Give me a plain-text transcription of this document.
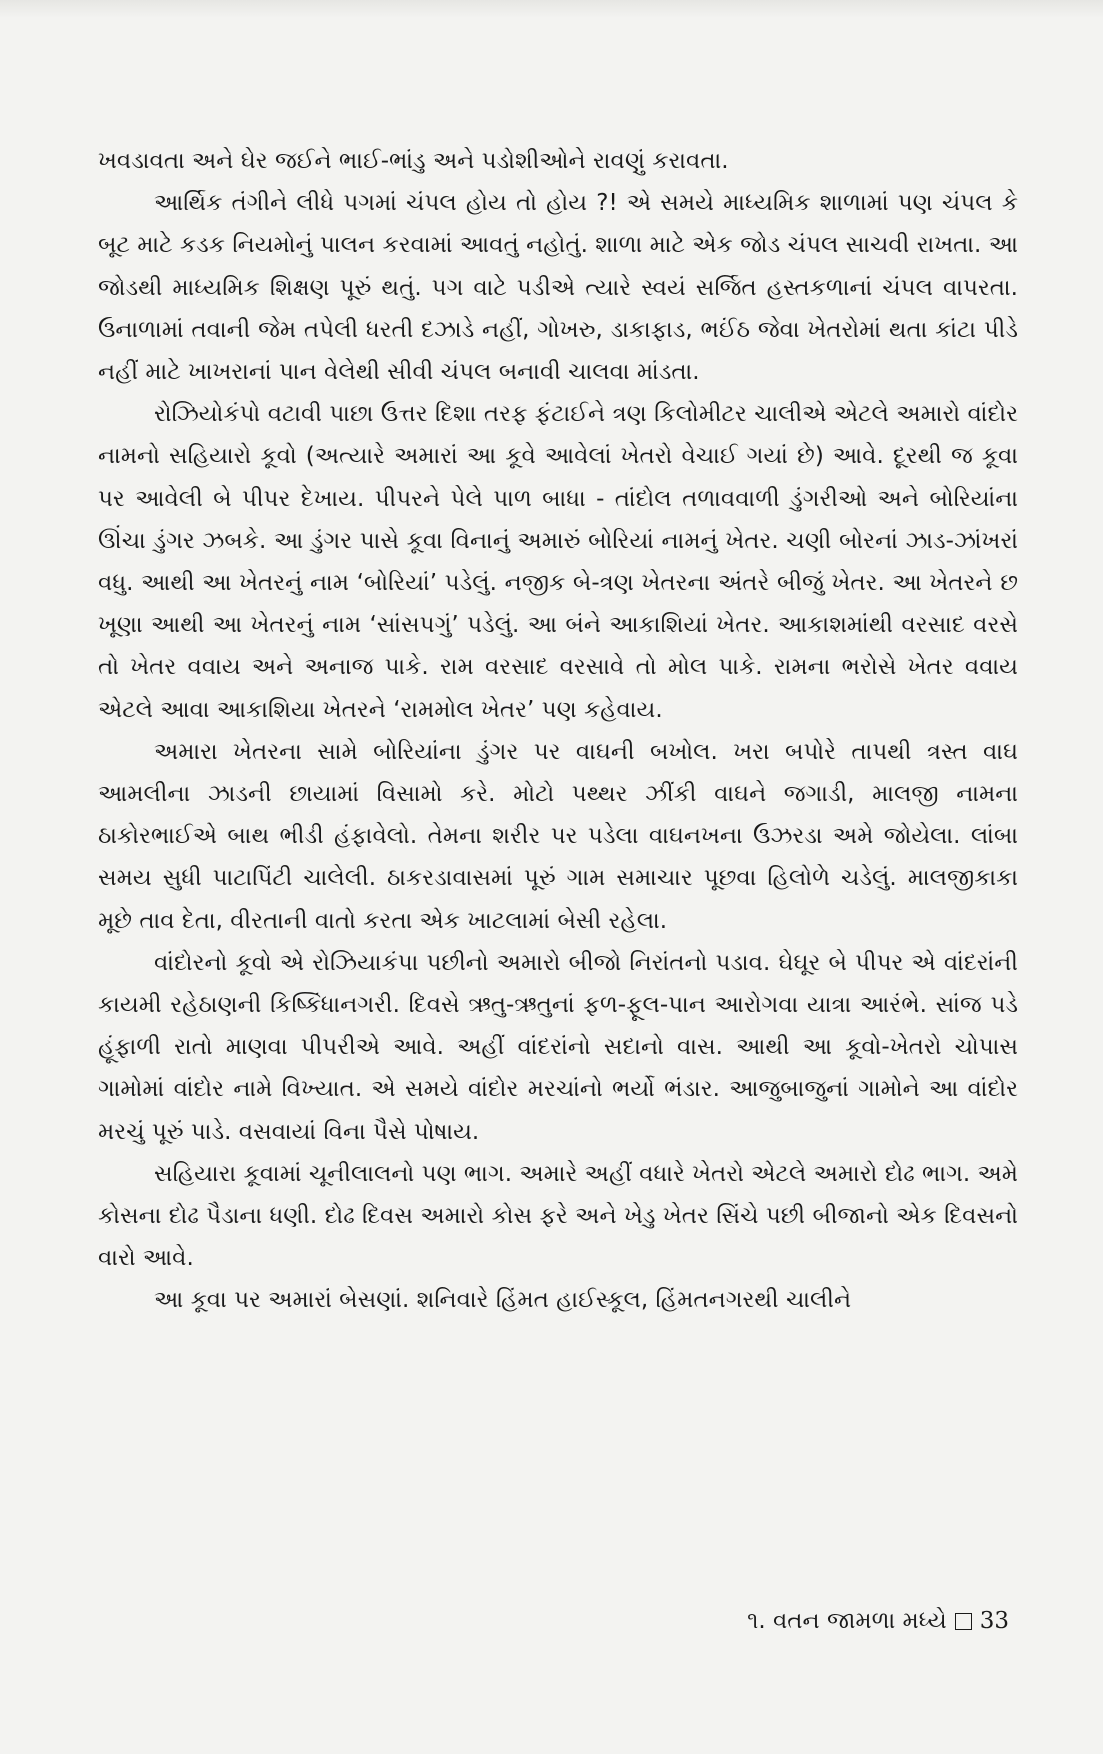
ખવડાવતા અને ઘેર જઈને ભાઈ-ભાંડુ અને પડોશીઓને રાવણું કરાવતા.

આર્થિક તંગીને લીધે પગમાં ચંપલ હોય તો હોય ?! એ સમયે માધ્યમિક શાળામાં પણ ચંપલ કે બૂટ માટે કડક નિયમોનું પાલન કરવામાં આવતું નહોતું. શાળા માટે એક જોડ ચંપલ સાચવી રાખતા. આ જોડથી માધ્યમિક શિક્ષણ પૂરું થતું. પગ વાટે પડીએ ત્યારે સ્વયં સર્જિત હસ્તકળાનાં ચંપલ વાપરતા. ઉનાળામાં તવાની જેમ તપેલી ધરતી દઝાડે નહીં, ગોખરુ, ડાકાફાડ, ભઈંઠ જેવા ખેતરોમાં થતા કાંટા પીડે નહીં માટે ખાખરાનાં પાન વેલેથી સીવી ચંપલ બનાવી ચાલવા માંડતા.

રોઝિયોકંપો વટાવી પાછા ઉત્તર દિશા તરફ ફંટાઈને ત્રણ કિલોમીટર ચાલીએ એટલે અમારો વાંદોર નામનો સહિયારો કૂવો (અત્યારે અમારાં આ કૂવે આવેલાં ખેતરો વેચાઈ ગયાં છે) આવે. દૂરથી જ કૂવા પર આવેલી બે પીપર દેખાય. પીપરને પેલે પાળ બાધા - તાંદોલ તળાવવાળી ડુંગરીઓ અને બોરિયાંના ઊંચા ડુંગર ઝબકે. આ ડુંગર પાસે કૂવા વિનાનું અમારું બોરિયાં નામનું ખેતર. ચણી બોરનાં ઝાડ-ઝાંખરાં વધુ. આથી આ ખેતરનું નામ ‘બોરિયાં’ પડેલું. નજીક બે-ત્રણ ખેતરના અંતરે બીજું ખેતર. આ ખેતરને છ ખૂણા આથી આ ખેતરનું નામ ‘સાંસપગું’ પડેલું. આ બંને આકાશિયાં ખેતર. આકાશમાંથી વરસાદ વરસે તો ખેતર વવાય અને અનાજ પાકે. રામ વરસાદ વરસાવે તો મોલ પાકે. રામના ભરોસે ખેતર વવાય એટલે આવા આકાશિયા ખેતરને ‘રામમોલ ખેતર’ પણ કહેવાય.

અમારા ખેતરના સામે બોરિયાંના ડુંગર પર વાઘની બખોલ. ખરા બપોરે તાપથી ત્રસ્ત વાઘ આમલીના ઝાડની છાયામાં વિસામો કરે. મોટો પથ્થર ઝીંકી વાઘને જગાડી, માલજી નામના ઠાકોરભાઈએ બાથ ભીડી હંફાવેલો. તેમના શરીર પર પડેલા વાઘનખના ઉઝરડા અમે જોયેલા. લાંબા સમય સુધી પાટાપિંટી ચાલેલી. ઠાકરડાવાસમાં પૂરું ગામ સમાચાર પૂછવા હિલોળે ચડેલું. માલજીકાકા મૂછે તાવ દેતા, વીરતાની વાતો કરતા એક ખાટલામાં બેસી રહેલા.

વાંદોરનો કૂવો એ રોઝિયાકંપા પછીનો અમારો બીજો નિરાંતનો પડાવ. ઘેઘૂર બે પીપર એ વાંદરાંની કાયમી રહેઠાણની કિષ્કિંધાનગરી. દિવસે ઋતુ-ઋતુનાં ફળ-ફૂલ-પાન આરોગવા યાત્રા આરંભે. સાંજ પડે હૂંફાળી રાતો માણવા પીપરીએ આવે. અહીં વાંદરાંનો સદાનો વાસ. આથી આ કૂવો-ખેતરો ચોપાસ ગામોમાં વાંદોર નામે વિખ્યાત. એ સમયે વાંદોર મરચાંનો ભર્યો ભંડાર. આજુબાજુનાં ગામોને આ વાંદોર મરચું પૂરું પાડે. વસવાયાં વિના પૈસે પોષાય.

સહિયારા કૂવામાં ચૂનીલાલનો પણ ભાગ. અમારે અહીં વધારે ખેતરો એટલે અમારો દોઢ ભાગ. અમે કોસના દોઢ પૈડાના ધણી. દોઢ દિવસ અમારો કોસ ફરે અને ખેડુ ખેતર સિંચે પછી બીજાનો એક દિવસનો વારો આવે.

આ કૂવા પર અમારાં બેસણાં. શનિવારે હિંમત હાઈસ્કૂલ, હિંમતનગરથી ચાલીને

૧. વતન જામળા મધ્યે 33
